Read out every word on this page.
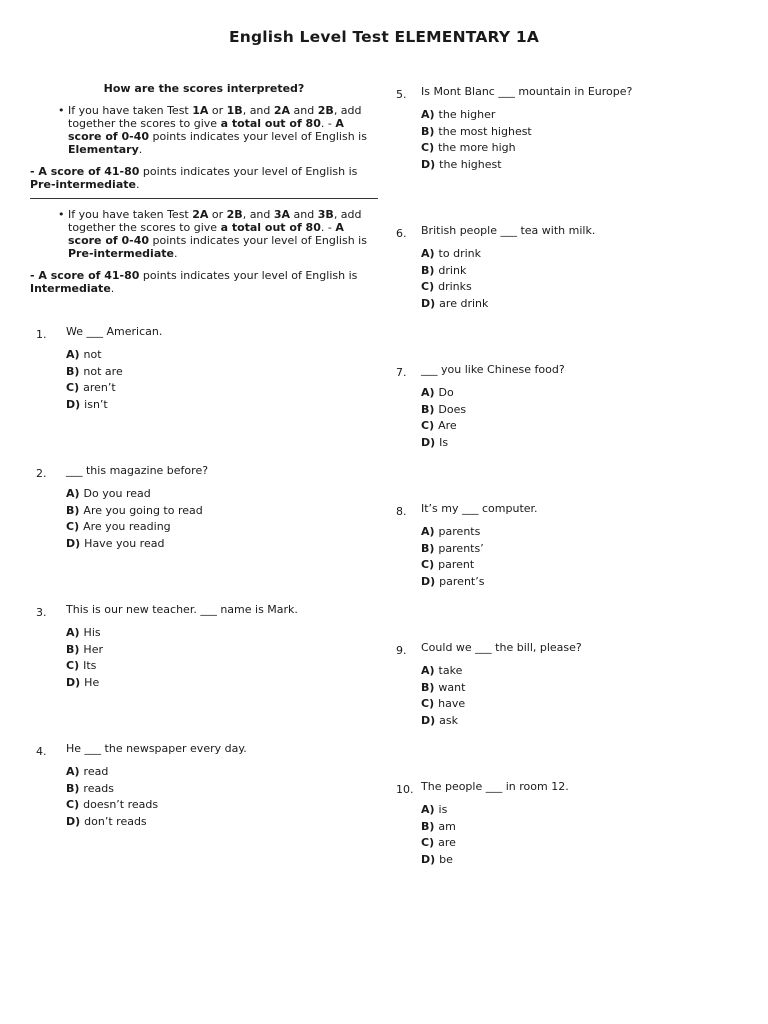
English Level Test ELEMENTARY 1A

How are the scores interpreted?

• If you have taken Test 1A or 1B, and 2A and 2B, add together the scores to give a total out of 80. - A score of 0-40 points indicates your level of English is Elementary.

- A score of 41-80 points indicates your level of English is Pre-intermediate.

• If you have taken Test 2A or 2B, and 3A and 3B, add together the scores to give a total out of 80. - A score of 0-40 points indicates your level of English is Pre-intermediate.

- A score of 41-80 points indicates your level of English is Intermediate.

1. We ___ American.
A) not
B) not are
C) aren’t
D) isn’t
2. ___ this magazine before?
A) Do you read
B) Are you going to read
C) Are you reading
D) Have you read
3. This is our new teacher. ___ name is Mark.
A) His
B) Her
C) Its
D) He
4. He ___ the newspaper every day.
A) read
B) reads
C) doesn’t reads
D) don’t reads
5. Is Mont Blanc ___ mountain in Europe?
A) the higher
B) the most highest
C) the more high
D) the highest
6. British people ___ tea with milk.
A) to drink
B) drink
C) drinks
D) are drink
7. ___ you like Chinese food?
A) Do
B) Does
C) Are
D) Is
8. It’s my ___ computer.
A) parents
B) parents’
C) parent
D) parent’s
9. Could we ___ the bill, please?
A) take
B) want
C) have
D) ask
10. The people ___ in room 12.
A) is
B) am
C) are
D) be
